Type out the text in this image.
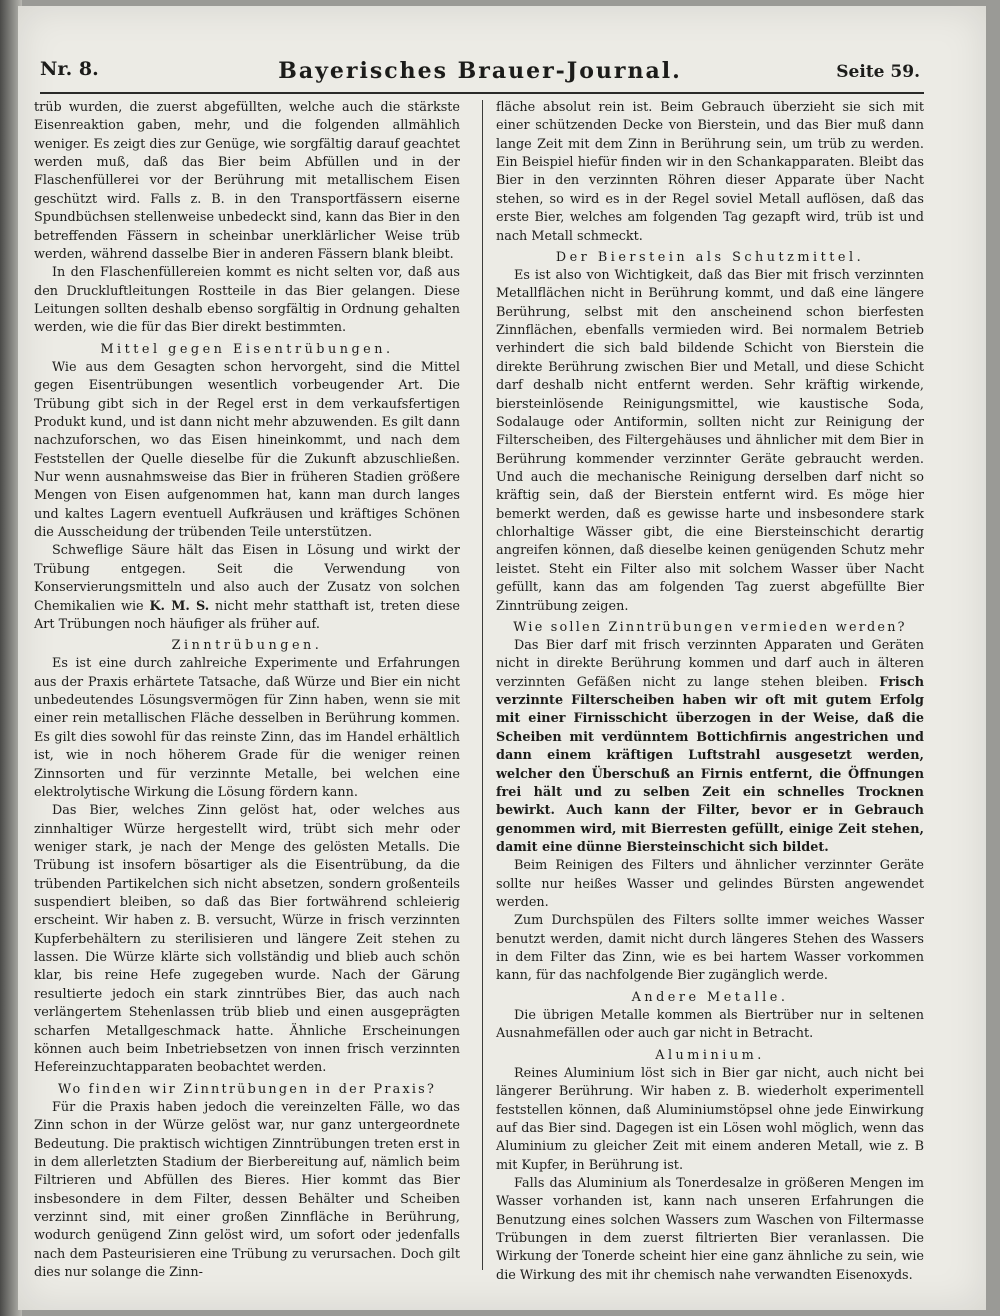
Nr. 8.	Bayerisches Brauer-Journal.	Seite 59.

trüb wurden, die zuerst abgefüllten, welche auch die stärkste Eisenreaktion gaben, mehr, und die folgenden allmählich weniger. Es zeigt dies zur Genüge, wie sorgfältig darauf geachtet werden muß, daß das Bier beim Abfüllen und in der Flaschenfüllerei vor der Berührung mit metallischem Eisen geschützt wird. Falls z. B. in den Transportfässern eiserne Spundbüchsen stellenweise unbedeckt sind, kann das Bier in den betreffenden Fässern in scheinbar unerklärlicher Weise trüb werden, während dasselbe Bier in anderen Fässern blank bleibt.

In den Flaschenfüllereien kommt es nicht selten vor, daß aus den Druckluftleitungen Rostteile in das Bier gelangen. Diese Leitungen sollten deshalb ebenso sorgfältig in Ordnung gehalten werden, wie die für das Bier direkt bestimmten.

Mittel gegen Eisentrübungen.

Wie aus dem Gesagten schon hervorgeht, sind die Mittel gegen Eisentrübungen wesentlich vorbeugender Art. Die Trübung gibt sich in der Regel erst in dem verkaufsfertigen Produkt kund, und ist dann nicht mehr abzuwenden. Es gilt dann nachzuforschen, wo das Eisen hineinkommt, und nach dem Feststellen der Quelle dieselbe für die Zukunft abzuschließen. Nur wenn ausnahmsweise das Bier in früheren Stadien größere Mengen von Eisen aufgenommen hat, kann man durch langes und kaltes Lagern eventuell Aufkräusen und kräftiges Schönen die Ausscheidung der trübenden Teile unterstützen.

Schweflige Säure hält das Eisen in Lösung und wirkt der Trübung entgegen. Seit die Verwendung von Konservierungsmitteln und also auch der Zusatz von solchen Chemikalien wie K. M. S. nicht mehr statthaft ist, treten diese Art Trübungen noch häufiger als früher auf.

Zinntrübungen.

Es ist eine durch zahlreiche Experimente und Erfahrungen aus der Praxis erhärtete Tatsache, daß Würze und Bier ein nicht unbedeutendes Lösungsvermögen für Zinn haben, wenn sie mit einer rein metallischen Fläche desselben in Berührung kommen. Es gilt dies sowohl für das reinste Zinn, das im Handel erhältlich ist, wie in noch höherem Grade für die weniger reinen Zinnsorten und für verzinnte Metalle, bei welchen eine elektrolytische Wirkung die Lösung fördern kann.

Das Bier, welches Zinn gelöst hat, oder welches aus zinnhaltiger Würze hergestellt wird, trübt sich mehr oder weniger stark, je nach der Menge des gelösten Metalls. Die Trübung ist insofern bösartiger als die Eisentrübung, da die trübenden Partikelchen sich nicht absetzen, sondern großenteils suspendiert bleiben, so daß das Bier fortwährend schleierig erscheint. Wir haben z. B. versucht, Würze in frisch verzinnten Kupferbehältern zu sterilisieren und längere Zeit stehen zu lassen. Die Würze klärte sich vollständig und blieb auch schön klar, bis reine Hefe zugegeben wurde. Nach der Gärung resultierte jedoch ein stark zinntrübes Bier, das auch nach verlängertem Stehenlassen trüb blieb und einen ausgeprägten scharfen Metallgeschmack hatte. Ähnliche Erscheinungen können auch beim Inbetriebsetzen von innen frisch verzinnten Hefereinzuchtapparaten beobachtet werden.

Wo finden wir Zinntrübungen in der Praxis?

Für die Praxis haben jedoch die vereinzelten Fälle, wo das Zinn schon in der Würze gelöst war, nur ganz untergeordnete Bedeutung. Die praktisch wichtigen Zinntrübungen treten erst in in dem allerletzten Stadium der Bierbereitung auf, nämlich beim Filtrieren und Abfüllen des Bieres. Hier kommt das Bier insbesondere in dem Filter, dessen Behälter und Scheiben verzinnt sind, mit einer großen Zinnfläche in Berührung, wodurch genügend Zinn gelöst wird, um sofort oder jedenfalls nach dem Pasteurisieren eine Trübung zu verursachen. Doch gilt dies nur solange die Zinn-

fläche absolut rein ist. Beim Gebrauch überzieht sie sich mit einer schützenden Decke von Bierstein, und das Bier muß dann lange Zeit mit dem Zinn in Berührung sein, um trüb zu werden. Ein Beispiel hiefür finden wir in den Schankapparaten. Bleibt das Bier in den verzinnten Röhren dieser Apparate über Nacht stehen, so wird es in der Regel soviel Metall auflösen, daß das erste Bier, welches am folgenden Tag gezapft wird, trüb ist und nach Metall schmeckt.

Der Bierstein als Schutzmittel.

Es ist also von Wichtigkeit, daß das Bier mit frisch verzinnten Metallflächen nicht in Berührung kommt, und daß eine längere Berührung, selbst mit den anscheinend schon bierfesten Zinnflächen, ebenfalls vermieden wird. Bei normalem Betrieb verhindert die sich bald bildende Schicht von Bierstein die direkte Berührung zwischen Bier und Metall, und diese Schicht darf deshalb nicht entfernt werden. Sehr kräftig wirkende, biersteinlösende Reinigungsmittel, wie kaustische Soda, Sodalauge oder Antiformin, sollten nicht zur Reinigung der Filterscheiben, des Filtergehäuses und ähnlicher mit dem Bier in Berührung kommender verzinnter Geräte gebraucht werden. Und auch die mechanische Reinigung derselben darf nicht so kräftig sein, daß der Bierstein entfernt wird. Es möge hier bemerkt werden, daß es gewisse harte und insbesondere stark chlorhaltige Wässer gibt, die eine Biersteinschicht derartig angreifen können, daß dieselbe keinen genügenden Schutz mehr leistet. Steht ein Filter also mit solchem Wasser über Nacht gefüllt, kann das am folgenden Tag zuerst abgefüllte Bier Zinntrübung zeigen.

Wie sollen Zinntrübungen vermieden werden?

Das Bier darf mit frisch verzinnten Apparaten und Geräten nicht in direkte Berührung kommen und darf auch in älteren verzinnten Gefäßen nicht zu lange stehen bleiben. Frisch verzinnte Filterscheiben haben wir oft mit gutem Erfolg mit einer Firnisschicht überzogen in der Weise, daß die Scheiben mit verdünntem Bottichfirnis angestrichen und dann einem kräftigen Luftstrahl ausgesetzt werden, welcher den Überschuß an Firnis entfernt, die Öffnungen frei hält und zu selben Zeit ein schnelles Trocknen bewirkt. Auch kann der Filter, bevor er in Gebrauch genommen wird, mit Bierresten gefüllt, einige Zeit stehen, damit eine dünne Biersteinschicht sich bildet.

Beim Reinigen des Filters und ähnlicher verzinnter Geräte sollte nur heißes Wasser und gelindes Bürsten angewendet werden.

Zum Durchspülen des Filters sollte immer weiches Wasser benutzt werden, damit nicht durch längeres Stehen des Wassers in dem Filter das Zinn, wie es bei hartem Wasser vorkommen kann, für das nachfolgende Bier zugänglich werde.

Andere Metalle.

Die übrigen Metalle kommen als Biertrüber nur in seltenen Ausnahmefällen oder auch gar nicht in Betracht.

Aluminium.

Reines Aluminium löst sich in Bier gar nicht, auch nicht bei längerer Berührung. Wir haben z. B. wiederholt experimentell feststellen können, daß Aluminiumstöpsel ohne jede Einwirkung auf das Bier sind. Dagegen ist ein Lösen wohl möglich, wenn das Aluminium zu gleicher Zeit mit einem anderen Metall, wie z. B mit Kupfer, in Berührung ist.

Falls das Aluminium als Tonerdesalze in größeren Mengen im Wasser vorhanden ist, kann nach unseren Erfahrungen die Benutzung eines solchen Wassers zum Waschen von Filtermasse Trübungen in dem zuerst filtrierten Bier veranlassen. Die Wirkung der Tonerde scheint hier eine ganz ähnliche zu sein, wie die Wirkung des mit ihr chemisch nahe verwandten Eisenoxyds.
